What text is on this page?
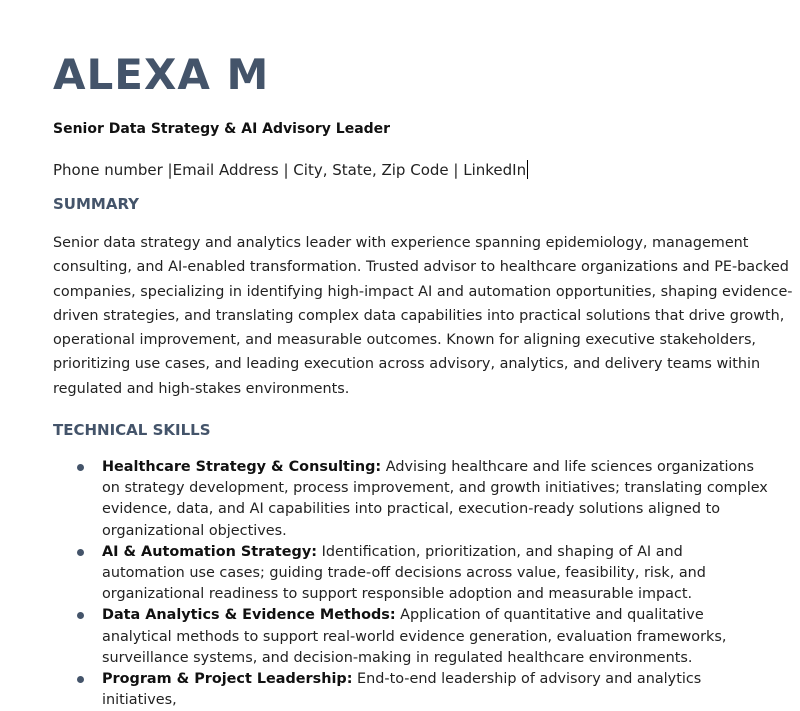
ALEXA M

Senior Data Strategy & AI Advisory Leader

Phone number |Email Address | City, State, Zip Code | LinkedIn

SUMMARY

Senior data strategy and analytics leader with experience spanning epidemiology, management consulting, and AI-enabled transformation. Trusted advisor to healthcare organizations and PE-backed companies, specializing in identifying high-impact AI and automation opportunities, shaping evidence-driven strategies, and translating complex data capabilities into practical solutions that drive growth, operational improvement, and measurable outcomes. Known for aligning executive stakeholders, prioritizing use cases, and leading execution across advisory, analytics, and delivery teams within regulated and high-stakes environments.

TECHNICAL SKILLS
Healthcare Strategy & Consulting: Advising healthcare and life sciences organizations on strategy development, process improvement, and growth initiatives; translating complex evidence, data, and AI capabilities into practical, execution-ready solutions aligned to organizational objectives.
AI & Automation Strategy: Identification, prioritization, and shaping of AI and automation use cases; guiding trade-off decisions across value, feasibility, risk, and organizational readiness to support responsible adoption and measurable impact.
Data Analytics & Evidence Methods: Application of quantitative and qualitative analytical methods to support real-world evidence generation, evaluation frameworks, surveillance systems, and decision-making in regulated healthcare environments.
Program & Project Leadership: End-to-end leadership of advisory and analytics initiatives,
